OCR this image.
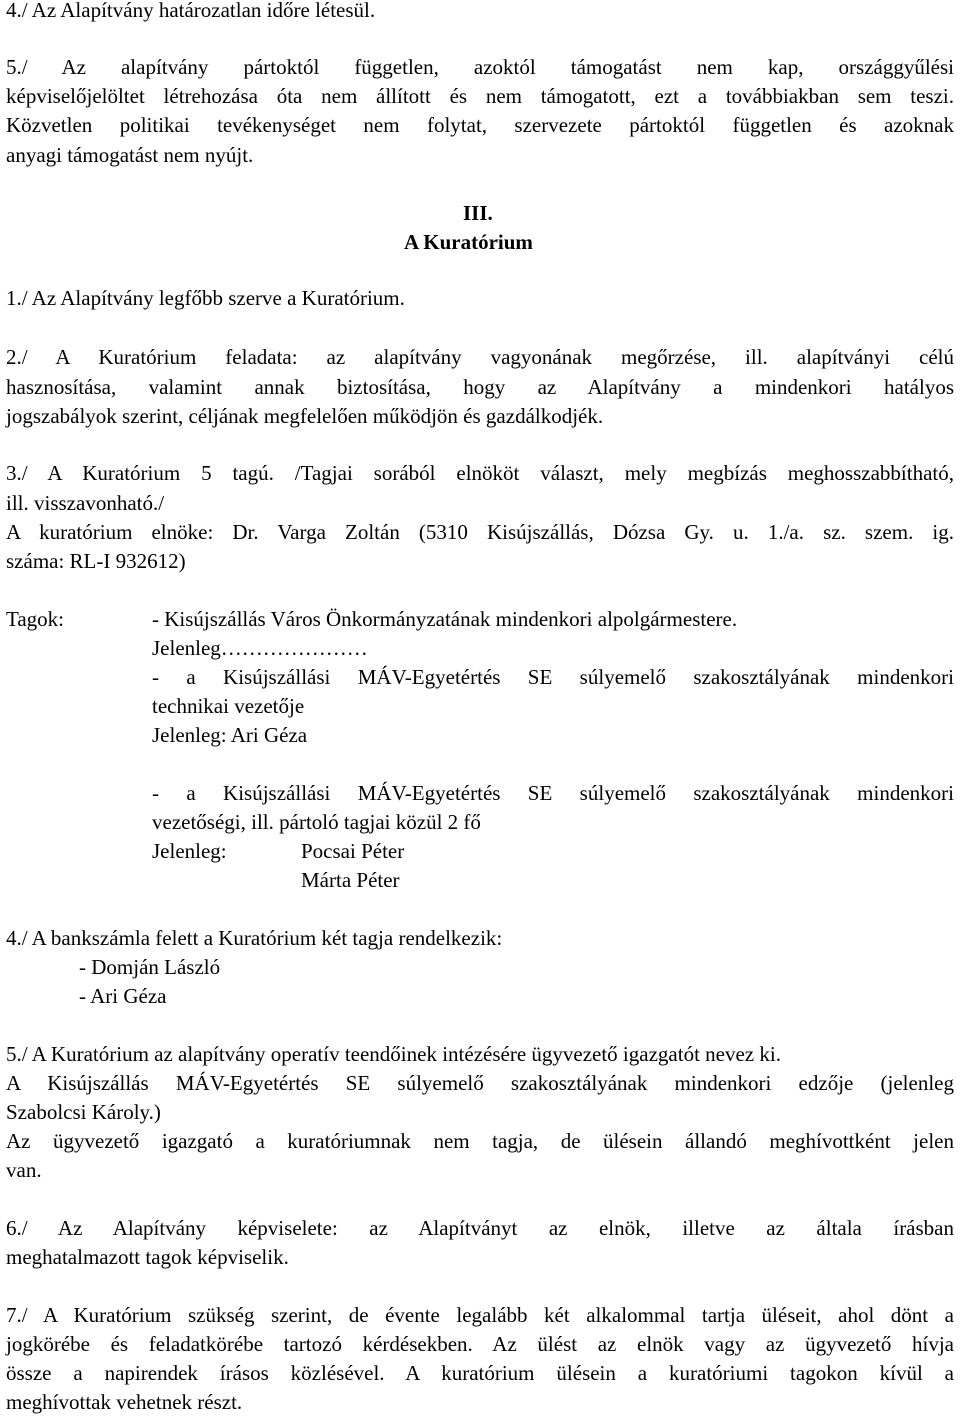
4./ Az Alapítvány határozatlan időre létesül.
5./ Az alapítvány pártoktól független, azoktól támogatást nem kap, országgyűlési
képviselőjelöltet létrehozása óta nem állított és nem támogatott, ezt a továbbiakban sem teszi.
Közvetlen politikai tevékenységet nem folytat, szervezete pártoktól független és azoknak
anyagi támogatást nem nyújt.
III.
A Kuratórium
1./ Az Alapítvány legfőbb szerve a Kuratórium.
2./ A Kuratórium feladata: az alapítvány vagyonának megőrzése, ill. alapítványi célú
hasznosítása, valamint annak biztosítása, hogy az Alapítvány a mindenkori hatályos
jogszabályok szerint, céljának megfelelően működjön és gazdálkodjék.
3./ A Kuratórium 5 tagú. /Tagjai sorából elnököt választ, mely megbízás meghosszabbítható,
ill. visszavonható./
A kuratórium elnöke: Dr. Varga Zoltán (5310 Kisújszállás, Dózsa Gy. u. 1./a. sz. szem. ig.
száma: RL-I 932612)
Tagok:	- Kisújszállás Város Önkormányzatának mindenkori alpolgármestere.
Jelenleg…………………
- a Kisújszállási MÁV-Egyetértés SE súlyemelő szakosztályának mindenkori
technikai vezetője
Jelenleg: Ari Géza
- a Kisújszállási MÁV-Egyetértés SE súlyemelő szakosztályának mindenkori
vezetőségi, ill. pártoló tagjai közül 2 fő
Jelenleg:	Pocsai Péter
Márta Péter
4./ A bankszámla felett a Kuratórium két tagja rendelkezik:
- Domján László
- Ari Géza
5./ A Kuratórium az alapítvány operatív teendőinek intézésére ügyvezető igazgatót nevez ki.
A Kisújszállás MÁV-Egyetértés SE súlyemelő szakosztályának mindenkori edzője (jelenleg
Szabolcsi Károly.)
Az ügyvezető igazgató a kuratóriumnak nem tagja, de ülésein állandó meghívottként jelen
van.
6./ Az Alapítvány képviselete: az Alapítványt az elnök, illetve az általa írásban
meghatalmazott tagok képviselik.
7./ A Kuratórium szükség szerint, de évente legalább két alkalommal tartja üléseit, ahol dönt a
jogkörébe és feladatkörébe tartozó kérdésekben. Az ülést az elnök vagy az ügyvezető hívja
össze a napirendek írásos közlésével. A kuratórium ülésein a kuratóriumi tagokon kívül a
meghívottak vehetnek részt.
